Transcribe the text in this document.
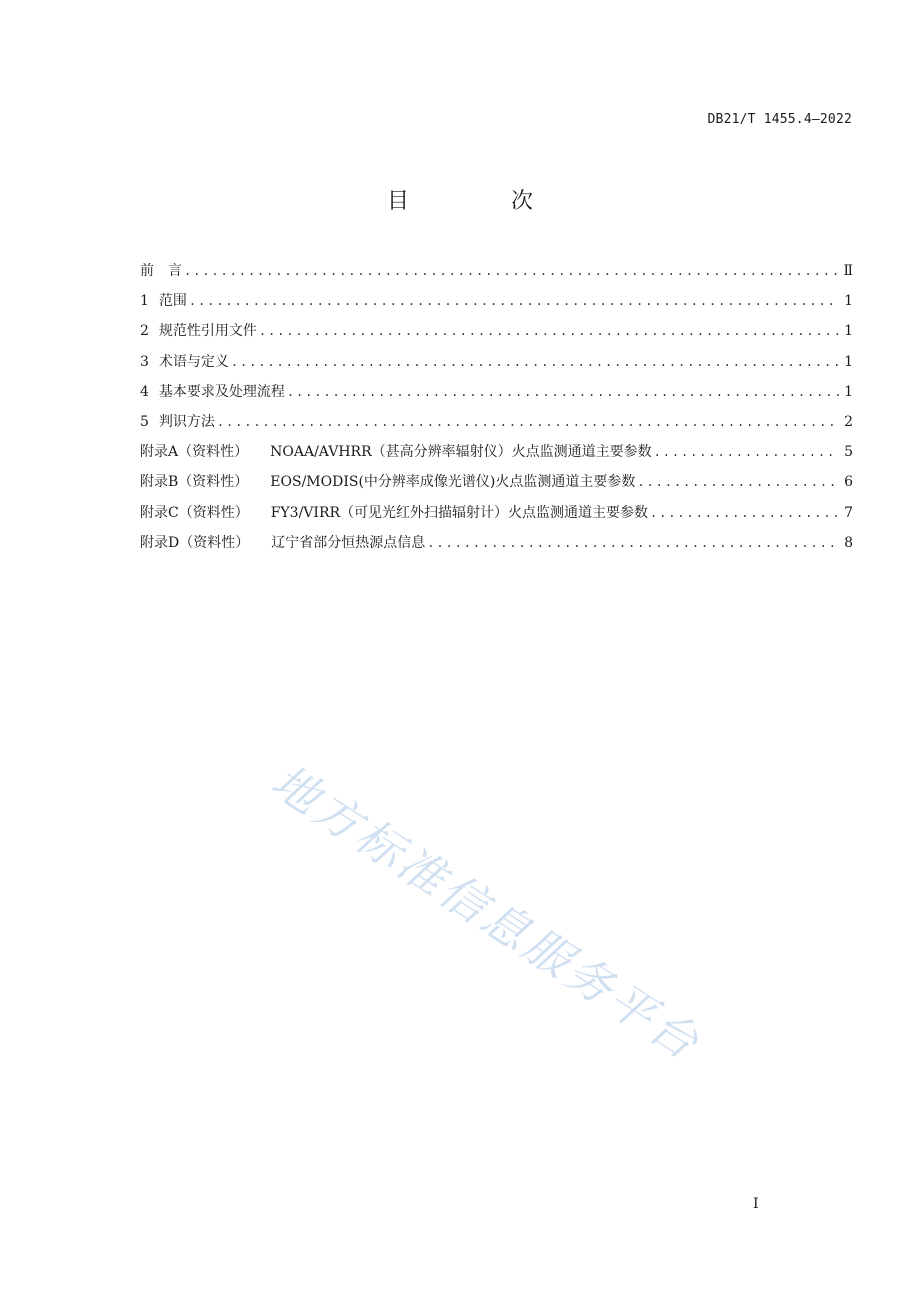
DB21/T 1455.4—2022
目　次
前　言 .....	Ⅱ
1 范围 .....	1
2 规范性引用文件 .....	1
3 术语与定义 .....	1
4 基本要求及处理流程 .....	1
5 判识方法 .....	2
附录A（资料性） NOAA/AVHRR（甚高分辨率辐射仪）火点监测通道主要参数 .....	5
附录B（资料性） EOS/MODIS(中分辨率成像光谱仪)火点监测通道主要参数 .....	6
附录C（资料性） FY3/VIRR（可见光红外扫描辐射计）火点监测通道主要参数 .....	7
附录D（资料性） 辽宁省部分恒热源点信息 .....	8
地方标准信息服务平台
I
